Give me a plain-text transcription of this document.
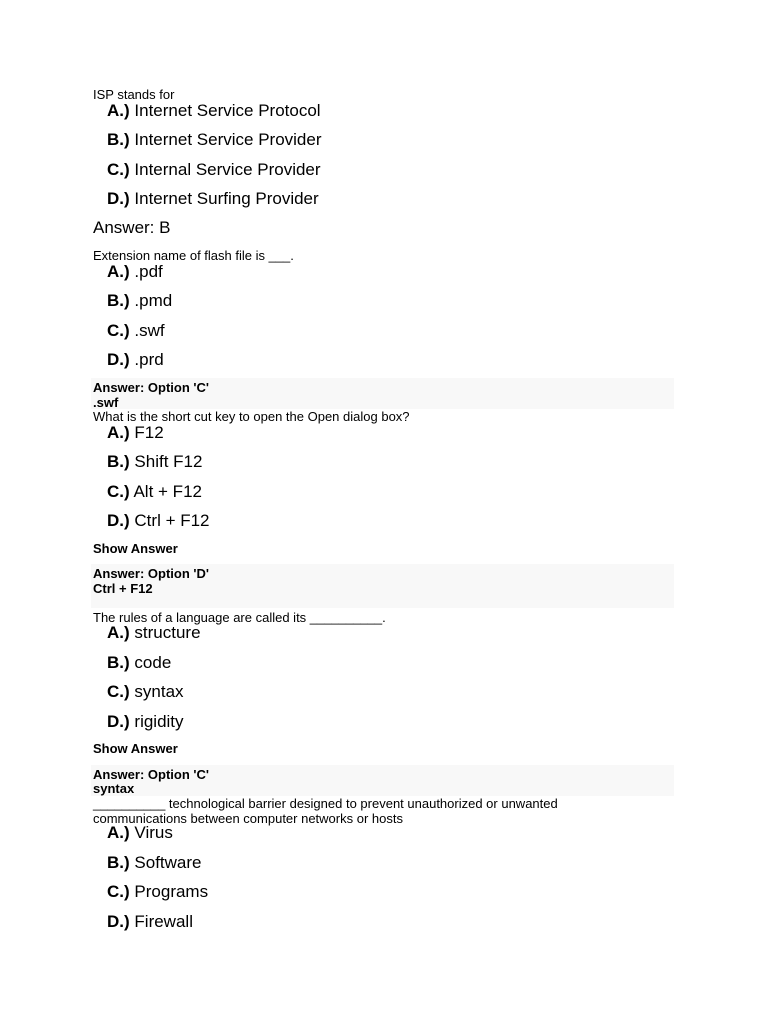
ISP stands for
A.) Internet Service Protocol
B.) Internet Service Provider
C.) Internal Service Provider
D.) Internet Surfing Provider
Answer: B
Extension name of flash file is ___.
A.) .pdf
B.) .pmd
C.) .swf
D.) .prd
Answer: Option 'C'
.swf
What is the short cut key to open the Open dialog box?
A.) F12
B.) Shift F12
C.) Alt + F12
D.) Ctrl + F12
Show Answer
Answer: Option 'D'
Ctrl + F12
The rules of a language are called its __________.
A.) structure
B.) code
C.) syntax
D.) rigidity
Show Answer
Answer: Option 'C'
syntax
__________ technological barrier designed to prevent unauthorized or unwanted communications between computer networks or hosts
A.) Virus
B.) Software
C.) Programs
D.) Firewall
